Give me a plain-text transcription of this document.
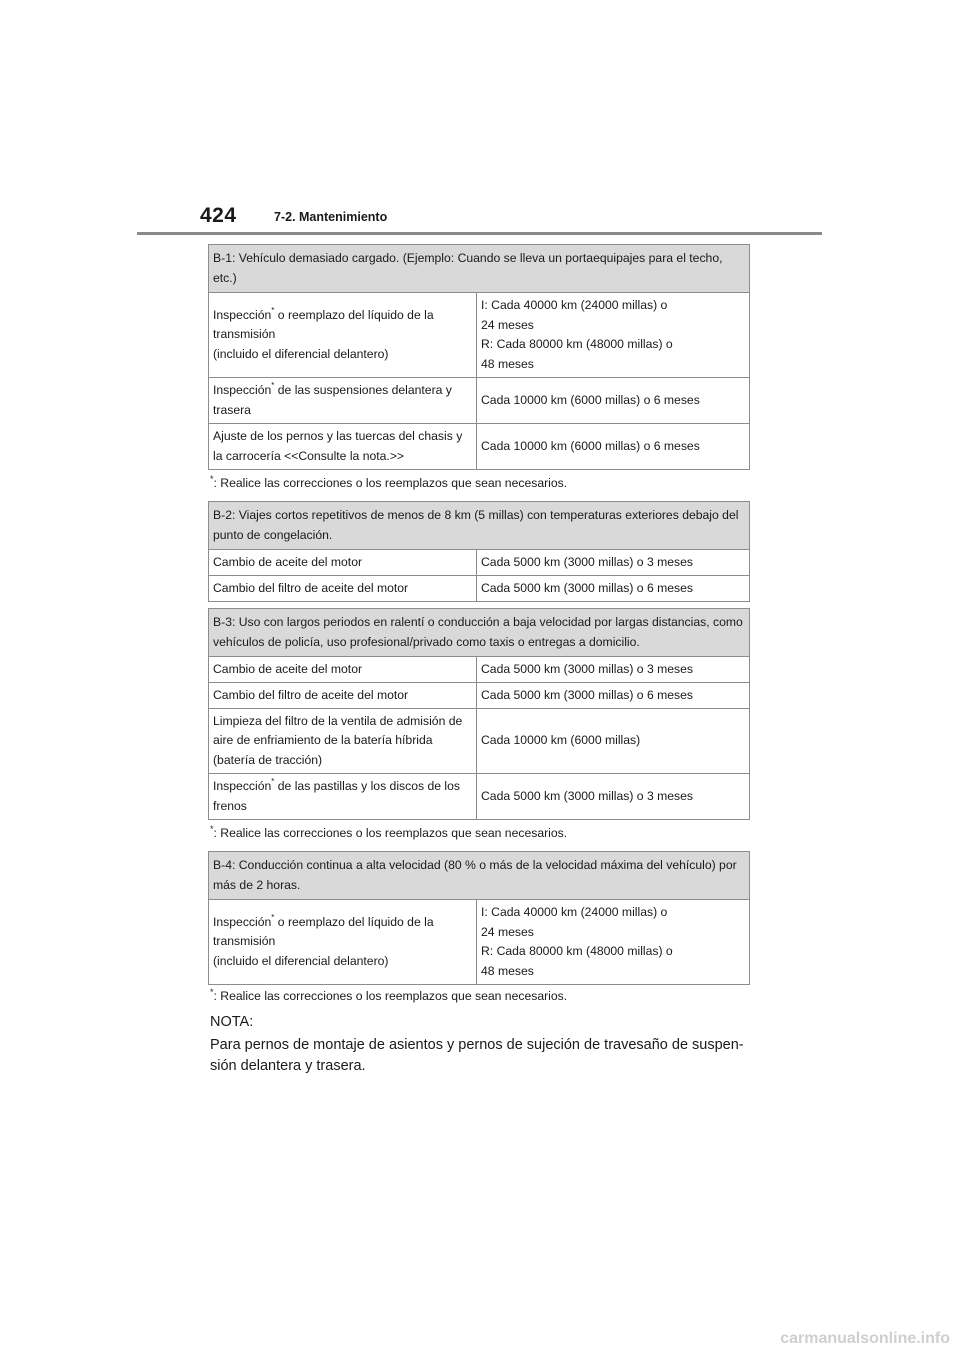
424	7-2. Mantenimiento
B-1: Vehículo demasiado cargado. (Ejemplo: Cuando se lleva un portaequipajes para el techo, etc.)	
Inspección* o reemplazo del líquido de la
transmisión
(incluido el diferencial delantero)	I: Cada 40000 km (24000 millas) o
24 meses
R: Cada 80000 km (48000 millas) o
48 meses
Inspección* de las suspensiones delantera y
trasera	Cada 10000 km (6000 millas) o 6 meses
Ajuste de los pernos y las tuercas del chasis y
la carrocería <<Consulte la nota.>>	Cada 10000 km (6000 millas) o 6 meses
*: Realice las correcciones o los reemplazos que sean necesarios.
B-2: Viajes cortos repetitivos de menos de 8 km (5 millas) con temperaturas exteriores debajo del punto de congelación.	
Cambio de aceite del motor	Cada 5000 km (3000 millas) o 3 meses
Cambio del filtro de aceite del motor	Cada 5000 km (3000 millas) o 6 meses
B-3: Uso con largos periodos en ralentí o conducción a baja velocidad por largas distancias, como vehículos de policía, uso profesional/privado como taxis o entregas a domicilio.	
Cambio de aceite del motor	Cada 5000 km (3000 millas) o 3 meses
Cambio del filtro de aceite del motor	Cada 5000 km (3000 millas) o 6 meses
Limpieza del filtro de la ventila de admisión de
aire de enfriamiento de la batería híbrida
(batería de tracción)	Cada 10000 km (6000 millas)
Inspección* de las pastillas y los discos de los
frenos	Cada 5000 km (3000 millas) o 3 meses
*: Realice las correcciones o los reemplazos que sean necesarios.
B-4: Conducción continua a alta velocidad (80 % o más de la velocidad máxima del vehículo) por más de 2 horas.
Inspección* o reemplazo del líquido de la
transmisión
(incluido el diferencial delantero)	I: Cada 40000 km (24000 millas) o
24 meses
R: Cada 80000 km (48000 millas) o
48 meses
*: Realice las correcciones o los reemplazos que sean necesarios.
NOTA:
Para pernos de montaje de asientos y pernos de sujeción de travesaño de suspen-sión delantera y trasera.
carmanualsonline.info
